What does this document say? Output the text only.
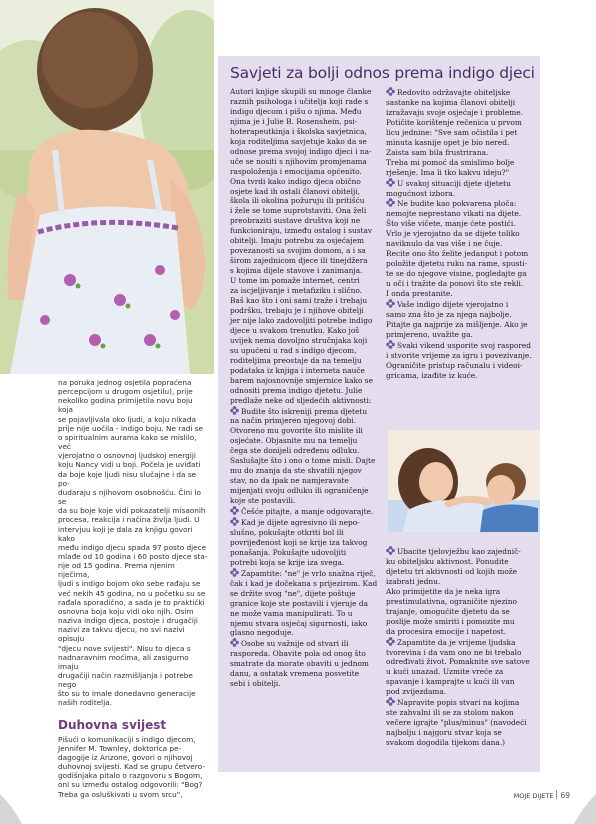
na poruka jednog osjetila popraćena

percepcijom u drugom osjetilu), prije

nekoliko godina primijetila novu boju koja

se pojavljivala oko ljudi, a koju nikada

prije nije uočila - indigo boju. Ne radi se

o spiritualnim aurama kako se mislilo, već

vjerojatno o osnovnoj ljudskoj energiji

koju Nancy vidi u boji. Počela je uviđati

da boje koje ljudi nisu slučajne i da se po-

dudaraju s njihovom osobnošću. Čini lo se

da su boje koje vidi pokazatelji misaonih

procesa, reakcija i načina življa ljudi. U

intervjuu koji je dala za knjigu govori kako

među indigo djecu spada 97 posto djece

mlađe od 10 godina i 60 posto djece sta-

rije od 15 godina. Prema njenim riječima,

ljudi s indigo bojom oko sebe rađaju se

već nekih 45 godina, no u početku su se

rađala sporadično, a sada je to praktički

osnovna boja koju vidi oko njih. Osim

naziva indigo djeca, postoje i drugačiji

nazivi za takvu djecu, no svi nazivi opisuju

"djecu nove svijesti". Nisu to djeca s

nadnaravnim moćima, ali zasigurno imaju

drugačiji način razmišljanja i potrebe nego

što su to imale donedavno generacije

naših roditelja.

Duhovna svijest

Pišući o komunikaciji s indigo djecom,

Jennifer M. Townley, doktorica pe-

dagogije iz Arizone, govori o njihovoj

duhovnoj svijesti. Kad se grupu četvero-

godišnjaka pitalo o razgovoru s Bogom,

oni su između ostalog odgovorili: "Bog?

Treba ga osluškivati u svom srcu",

Savjeti za bolji odnos prema indigo djeci

Autori knjige skupili su mnoge članke

raznih psihologa i učitelja koji rade s

indigo djecom i pišu o njima. Među

njima je i Julie B. Rosenshein, psi-

hoterapeutkinja i školska savjetnica,

koja roditeljima savjetuje kako da se

odnose prema svojoj indigo djeci i na-

uče se nositi s njihovim promjenama

raspoloženja i emocijama općenito.

Ona tvrdi kako indigo djeca obično

osjete kad ih ostali članovi obitelji,

škola ili okolina požuruju ili pritišću

i žele se tome suprotstaviti. Ona želi

preobraziti sustave društva koji ne

funkcioniraju, između ostalog i sustav

obitelji. Imaju potrebu za osjećajem

povezanosti sa svojim domom, a i sa

širom zajednicom djece ili tinejdžera

s kojima dijele stavove i zanimanja.

U tome im pomaže internet, centri

za iscjeljivanje i metafiziku i slično.

Baš kao što i oni sami traže i trebaju

podršku, trebaju je i njihove obitelji

jer nije lako zadovoljiti potrebe indigo

djece u svakom trenutku. Kako još

uvijek nema dovoljno stručnjaka koji

su upućeni u rad s indigo djecom,

roditeljima preostaje da na temelju

podataka iz knjiga i interneta nauče

barem najosnovnije smjernice kako se

odnositi prema indigo djetetu. Julie

predlaže neke od sljedećih aktivnosti:

Budite što iskreniji prema djetetu

na način primjeren njegovoj dobi.

Otvoreno mu govorite što mislite ili

osjećate. Objasnite mu na temelju

čega ste donijeli određenu odluku.

Saslušajte što i ono o tome misli. Dajte

mu do znanja da ste shvatili njegov

stav, no da ipak ne namjeravate

mijenjati svoju odluku ili ograničenje

koje ste postavili.

Češće pitajte, a manje odgovarajte.

Kad je dijete agresivno ili nepo-

slušno, pokušajte otkriti bol ili

povrijeđenost koji se krije iza takvog

ponašanja. Pokušajte udovoljiti

potrebi koja se krije iza svega.

Zapamtite: "ne" je vrlo snažna riječ,

čak i kad je dočekana s prijezirom. Kad

se držite svog "ne", dijete poštuje

granice koje ste postavili i vjeruje da

ne može vama manipulirati. To u

njemu stvara osjećaj sigurnosti, iako

glasno negoduje.

Osobe su važnije od stvari ili

rasporeda. Obavite pola od onog što

smatrate da morate obaviti u jednom

danu, a ostatak vremena posvetite

sebi i obitelji.

Redovito održavajte obiteljske

sastanke na kojima članovi obitelji

izražavaju svoje osjećaje i probleme.

Potičite korištenje rečenica u prvom

licu jednine: "Sve sam očistila i pet

minuta kasnije opet je bio nered.

Zaista sam bila frustrirana.

Treba mi pomoć da smislimo bolje

rješenje. Ima li tko kakvu ideju?"

U svakoj situaciji djete djetetu

mogućnost izbora.

Ne budite kao pokvarena ploča:

nemojte neprestano vikati na dijete.

Što više vičete, manje ćete postići.

Vrlo je vjerojatno da se dijete toliko

naviknulo da vas više i ne čuje.

Recite ono što želite jedanput i potom

položite djetetu ruku na rame, spusti-

te se do njegove visine, pogledajte ga

u oči i tražite da ponovi što ste rekli.

I onda prestanite.

Vaše indigo dijete vjerojatno i

samo zna što je za njega najbolje.

Pitajte ga najprije za mišljenje. Ako je

primjereno, uvažite ga.

Svaki vikend usporite svoj raspored

i stvorite vrijeme za igru i povezivanje.

Ograničite pristup računalu i videoi-

gricama, izađite iz kuće.

Ubacite tjelovježbu kao zajednič-

ku obiteljsku aktivnost. Ponudite

djetetu tri aktivnosti od kojih može

izabrati jednu.

Ako primijetite da je neka igra

prestimulativna, ograničite njezino

trajanje, omogućite djetetu da se

poslije može smiriti i pomozite mu

da procesira emocije i napetost.

Zapamtite da je vrijeme ljudska

tvorevina i da vam ono ne bi trebalo

određivati život. Pomaknite sve satove

u kući unazad. Uzmite vreće za

spavanje i kamprajte u kući ili van

pod zvijezdama.

Napravite popis stvari na kojima

ste zahvalni ili se za stolom nakon

večere igrajte "plus/minus" (navodeći

najbolju i najgoru stvar koja se

svakom dogodila tijekom dana.)

MOJE DIJETE 69
